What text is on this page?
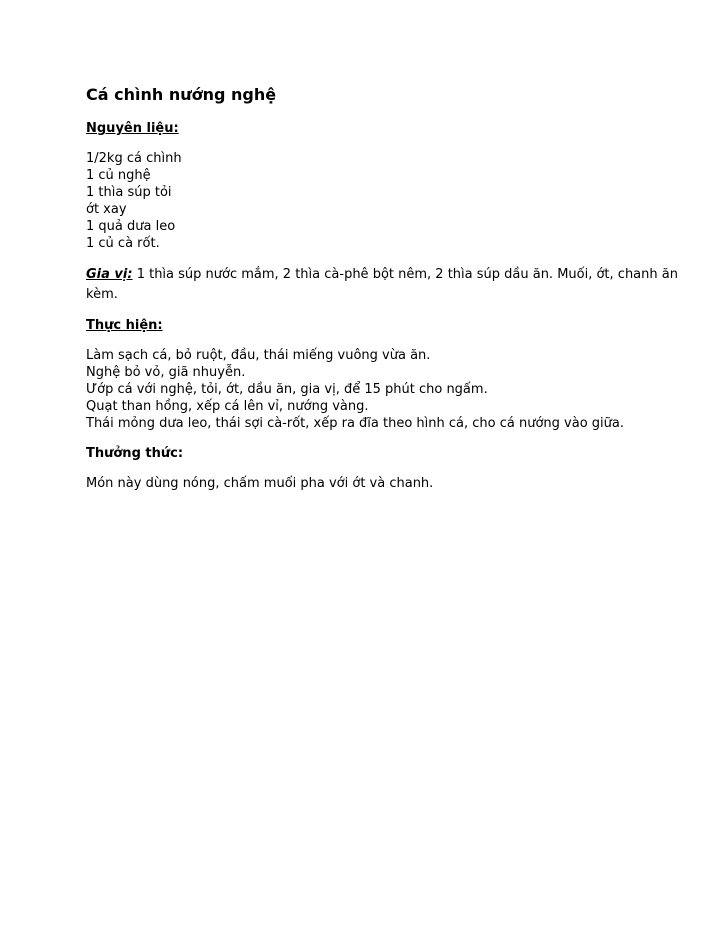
Cá chình nướng nghệ
Nguyên liệu:
1/2kg cá chình
1 củ nghệ
1 thìa súp tỏi
ớt xay
1 quả dưa leo
1 củ cà rốt.
Gia vị: 1 thìa súp nước mắm, 2 thìa cà-phê bột nêm, 2 thìa súp dầu ăn. Muối, ớt, chanh ăn kèm.
Thực hiện:
Làm sạch cá, bỏ ruột, đầu, thái miếng vuông vừa ăn.
Nghệ bỏ vỏ, giã nhuyễn.
Ướp cá với nghệ, tỏi, ớt, dầu ăn, gia vị, để 15 phút cho ngấm.
Quạt than hồng, xếp cá lên vỉ, nướng vàng.
Thái mỏng dưa leo, thái sợi cà-rốt, xếp ra đĩa theo hình cá, cho cá nướng vào giữa.
Thưởng thức:
Món này dùng nóng, chấm muối pha với ớt và chanh.
